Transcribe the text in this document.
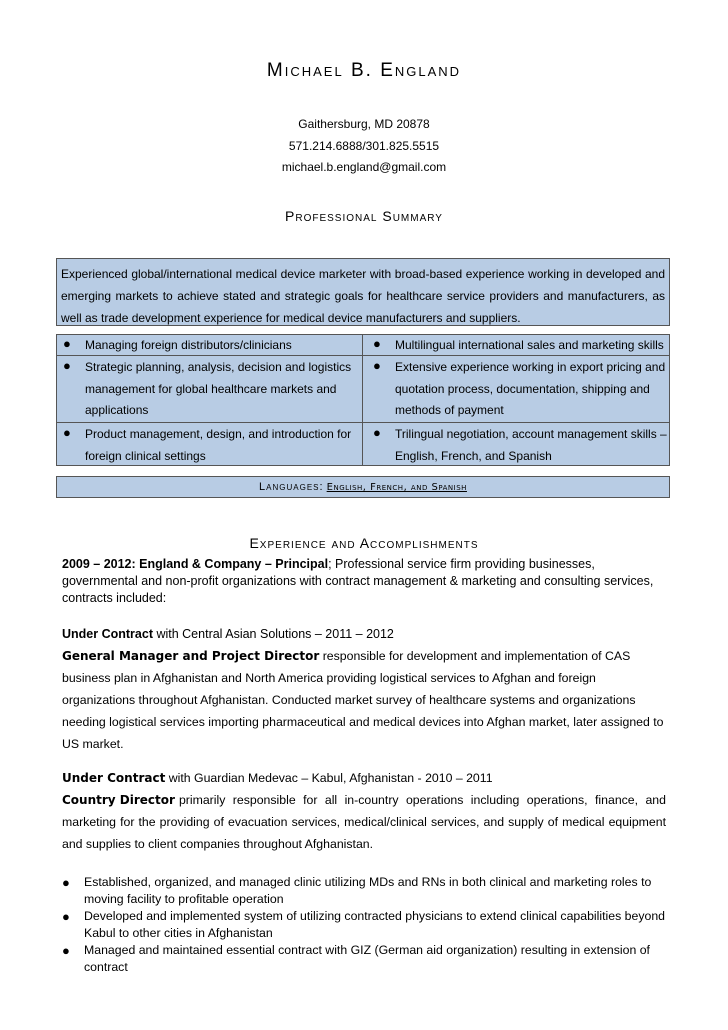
Michael B. England
Gaithersburg, MD 20878
571.214.6888/301.825.5515
michael.b.england@gmail.com
Professional Summary
Experienced global/international medical device marketer with broad-based experience working in developed and emerging markets to achieve stated and strategic goals for healthcare service providers and manufacturers, as well as trade development experience for medical device manufacturers and suppliers.
● Managing foreign distributors/clinicians
● Strategic planning, analysis, decision and logistics
management for global healthcare markets and
applications
● Product management, design, and introduction for
foreign clinical settings
● Multilingual international sales and marketing skills
● Extensive experience working in export pricing and
quotation process, documentation, shipping and
methods of payment
● Trilingual negotiation, account management skills –
English, French, and Spanish
Languages: English, French, and Spanish
Experience and Accomplishments
2009 – 2012: England & Company – Principal; Professional service firm providing businesses, governmental and non-profit organizations with contract management & marketing and consulting services, contracts included:
Under Contract with Central Asian Solutions – 2011 – 2012
General Manager and Project Director responsible for development and implementation of CAS
business plan in Afghanistan and North America providing logistical services to Afghan and foreign
organizations throughout Afghanistan. Conducted market survey of healthcare systems and organizations
needing logistical services importing pharmaceutical and medical devices into Afghan market, later assigned to
US market.
Under Contract with Guardian Medevac – Kabul, Afghanistan - 2010 – 2011
Country Director primarily responsible for all in-country operations including operations, finance, and
marketing for the providing of evacuation services, medical/clinical services, and supply of medical equipment
and supplies to client companies throughout Afghanistan.
● Established, organized, and managed clinic utilizing MDs and RNs in both clinical and marketing roles to moving facility to profitable operation
● Developed and implemented system of utilizing contracted physicians to extend clinical capabilities beyond Kabul to other cities in Afghanistan
● Managed and maintained essential contract with GIZ (German aid organization) resulting in extension of contract
